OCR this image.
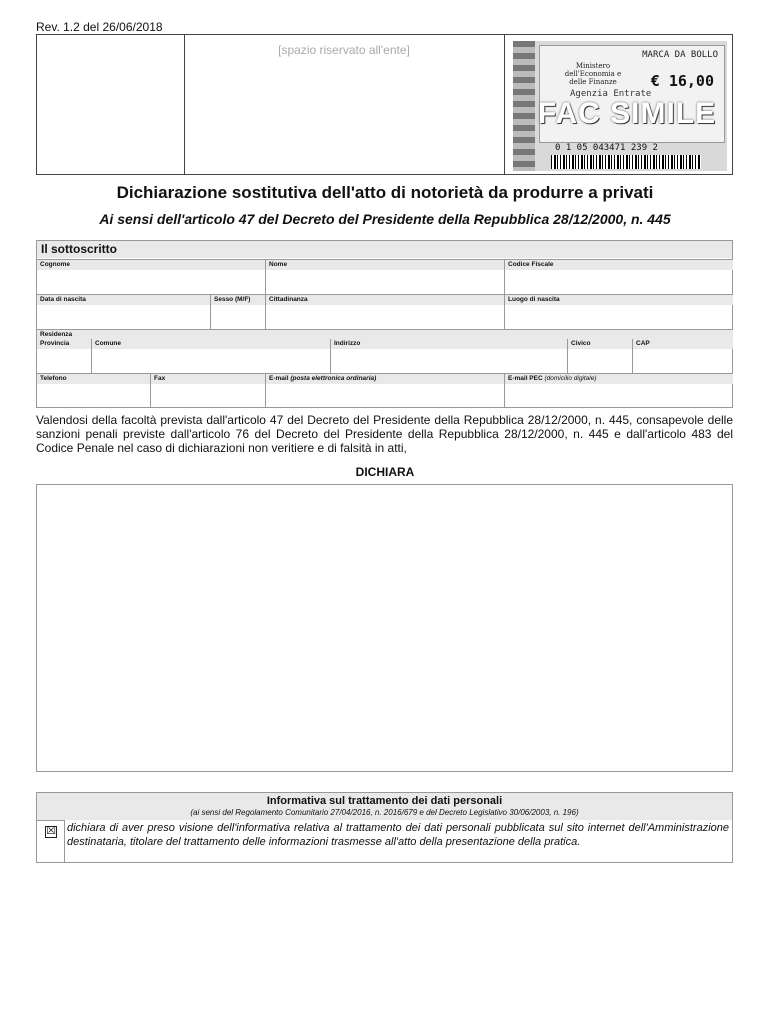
Rev. 1.2 del 26/06/2018
[spazio riservato all'ente]	MARCA DA BOLLO
Ministero dell'Economia e delle Finanze	€ 16,00
Agenzia Entrate
FAC SIMILE
0 1 05 043471 239 2
Dichiarazione sostitutiva dell'atto di notorietà da produrre a privati
Ai sensi dell'articolo 47 del Decreto del Presidente della Repubblica 28/12/2000, n. 445
Il sottoscritto
Cognome	Nome	Codice Fiscale
Data di nascita	Sesso (M/F)	Cittadinanza	Luogo di nascita
Residenza
Provincia	Comune	Indirizzo	Civico	CAP
Telefono	Fax	E-mail (posta elettronica ordinaria)	E-mail PEC (domicilio digitale)
Valendosi della facoltà prevista dall'articolo 47 del Decreto del Presidente della Repubblica 28/12/2000, n. 445, consapevole delle sanzioni penali previste dall'articolo 76 del Decreto del Presidente della Repubblica 28/12/2000, n. 445 e dall'articolo 483 del Codice Penale nel caso di dichiarazioni non veritiere e di falsità in atti,
DICHIARA
Informativa sul trattamento dei dati personali
(ai sensi del Regolamento Comunitario 27/04/2016, n. 2016/679 e del Decreto Legislativo 30/06/2003, n. 196)
☒ dichiara di aver preso visione dell'informativa relativa al trattamento dei dati personali pubblicata sul sito internet dell'Amministrazione destinataria, titolare del trattamento delle informazioni trasmesse all'atto della presentazione della pratica.
